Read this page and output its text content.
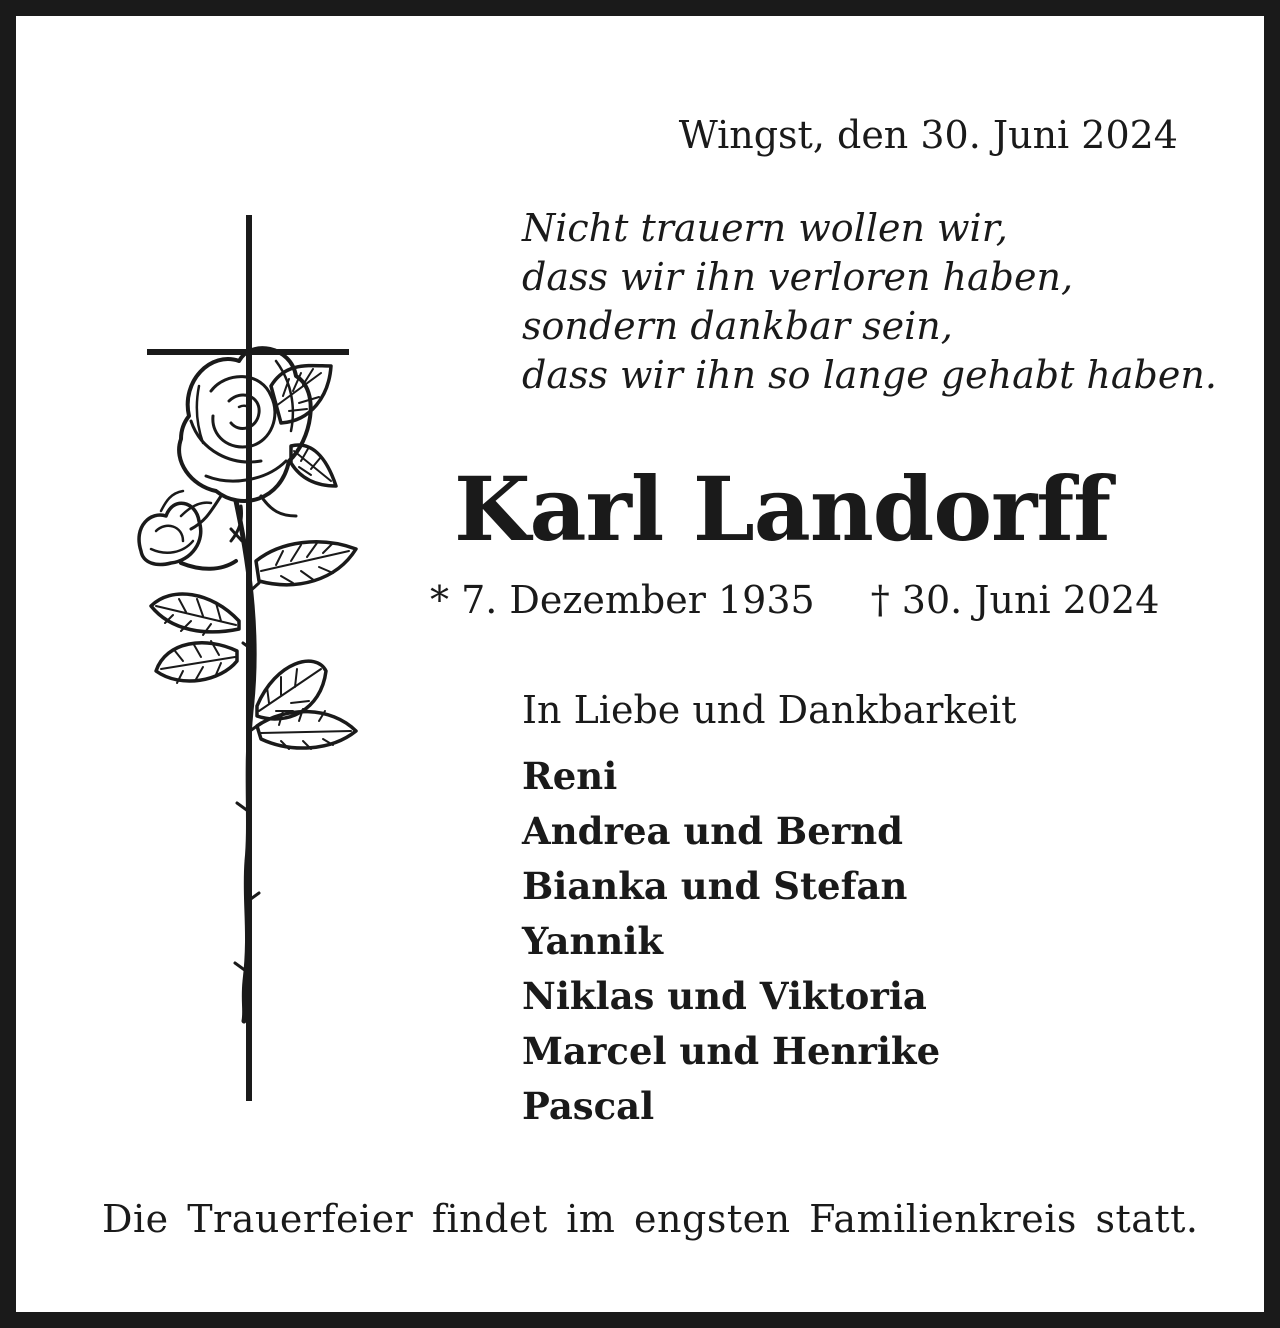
Wingst, den 30. Juni 2024
Nicht trauern wollen wir,
dass wir ihn verloren haben,
sondern dankbar sein,
dass wir ihn so lange gehabt haben.
Karl Landorff
* 7. Dezember 1935 † 30. Juni 2024
In Liebe und Dankbarkeit
Reni
Andrea und Bernd
Bianka und Stefan
Yannik
Niklas und Viktoria
Marcel und Henrike
Pascal
Die Trauerfeier findet im engsten Familienkreis statt.
